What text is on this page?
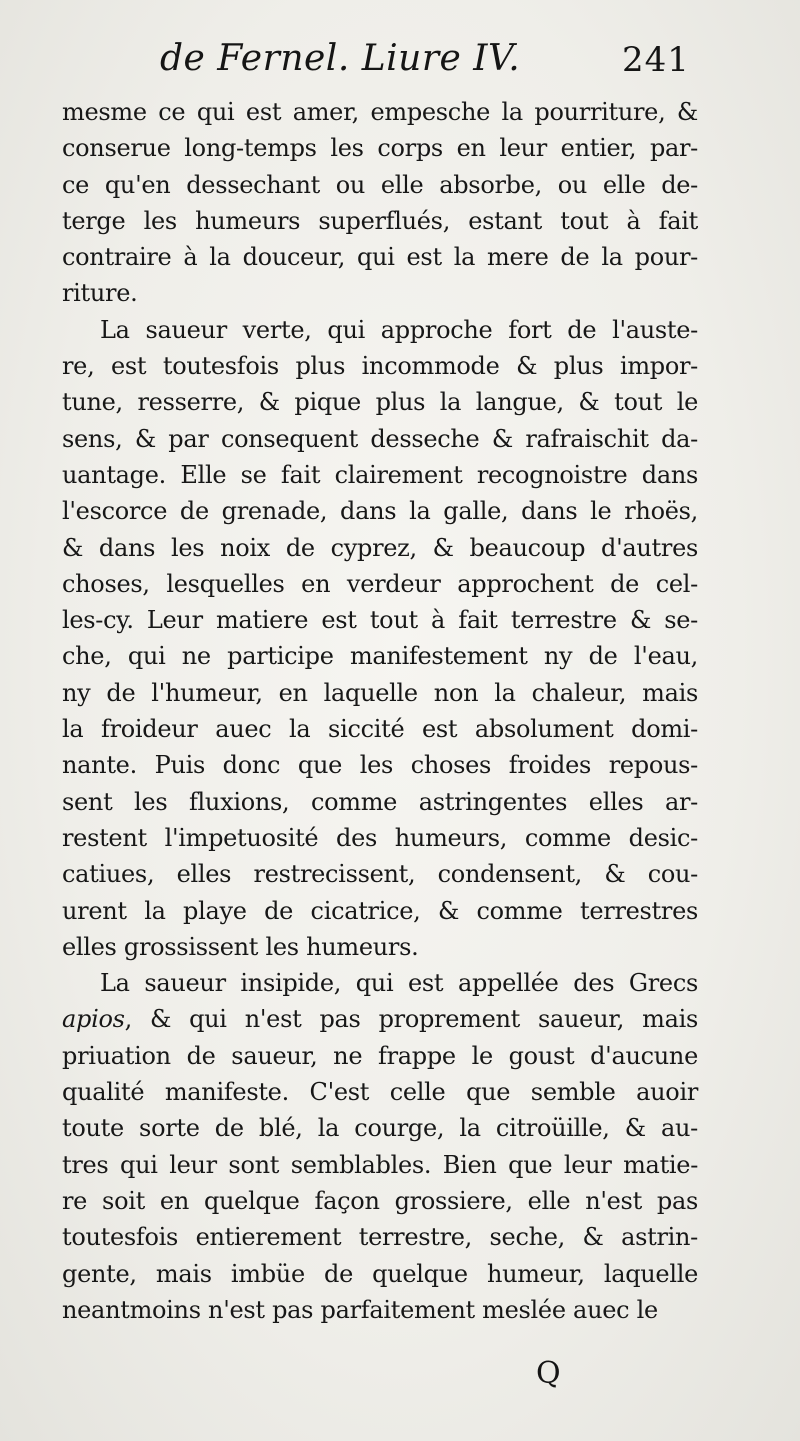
de Fernel. Liure IV.	241
mesme ce qui est amer, empesche la pourriture, &
conserue long-temps les corps en leur entier, par-
ce qu'en dessechant ou elle absorbe, ou elle de-
terge les humeurs superflués, estant tout à fait
contraire à la douceur, qui est la mere de la pour-
riture.
La saueur verte, qui approche fort de l'auste-
re, est toutesfois plus incommode & plus impor-
tune, resserre, & pique plus la langue, & tout le
sens, & par consequent desseche & rafraischit da-
uantage. Elle se fait clairement recognoistre dans
l'escorce de grenade, dans la galle, dans le rhoës,
& dans les noix de cyprez, & beaucoup d'autres
choses, lesquelles en verdeur approchent de cel-
les-cy. Leur matiere est tout à fait terrestre & se-
che, qui ne participe manifestement ny de l'eau,
ny de l'humeur, en laquelle non la chaleur, mais
la froideur auec la siccité est absolument domi-
nante. Puis donc que les choses froides repous-
sent les fluxions, comme astringentes elles ar-
restent l'impetuosité des humeurs, comme desic-
catiues, elles restrecissent, condensent, & cou-
urent la playe de cicatrice, & comme terrestres
elles grossissent les humeurs.
La saueur insipide, qui est appellée des Grecs
apios, & qui n'est pas proprement saueur, mais
priuation de saueur, ne frappe le goust d'aucune
qualité manifeste. C'est celle que semble auoir
toute sorte de blé, la courge, la citroüille, & au-
tres qui leur sont semblables. Bien que leur matie-
re soit en quelque façon grossiere, elle n'est pas
toutesfois entierement terrestre, seche, & astrin-
gente, mais imbüe de quelque humeur, laquelle
neantmoins n'est pas parfaitement meslée auec le
Q
